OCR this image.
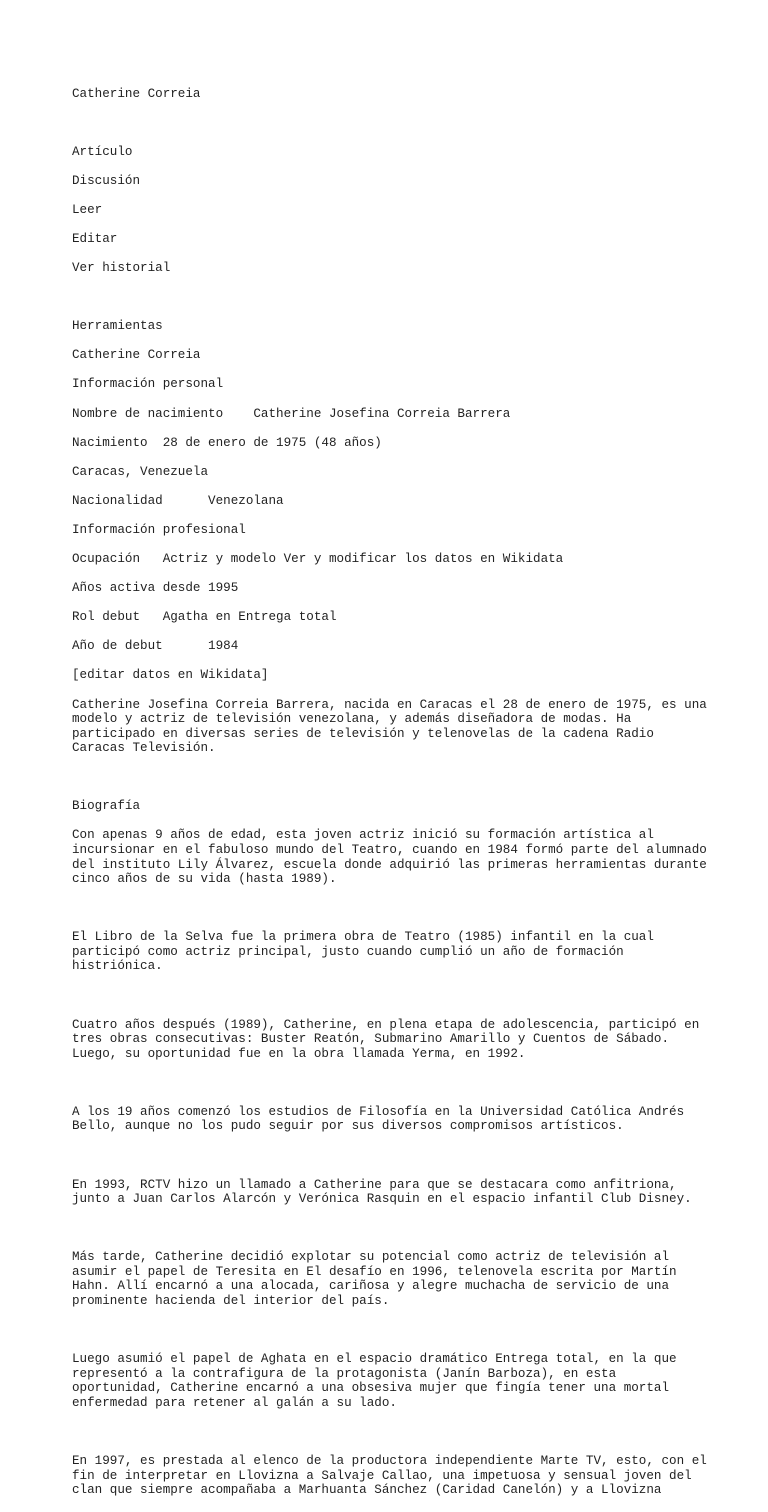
Catherine Correia

Artículo

Discusión

Leer

Editar

Ver historial

Herramientas

Catherine Correia

Información personal

Nombre de nacimiento    Catherine Josefina Correia Barrera

Nacimiento  28 de enero de 1975 (48 años)

Caracas, Venezuela

Nacionalidad      Venezolana

Información profesional

Ocupación   Actriz y modelo Ver y modificar los datos en Wikidata

Años activa desde 1995

Rol debut   Agatha en Entrega total

Año de debut      1984

[editar datos en Wikidata]

Catherine Josefina Correia Barrera, nacida en Caracas el 28 de enero de 1975, es una modelo y actriz de televisión venezolana, y además diseñadora de modas. Ha participado en diversas series de televisión y telenovelas de la cadena Radio Caracas Televisión.

Biografía

Con apenas 9 años de edad, esta joven actriz inició su formación artística al incursionar en el fabuloso mundo del Teatro, cuando en 1984 formó parte del alumnado del instituto Lily Álvarez, escuela donde adquirió las primeras herramientas durante cinco años de su vida (hasta 1989).

El Libro de la Selva fue la primera obra de Teatro (1985) infantil en la cual participó como actriz principal, justo cuando cumplió un año de formación histriónica.

Cuatro años después (1989), Catherine, en plena etapa de adolescencia, participó en tres obras consecutivas: Buster Reatón, Submarino Amarillo y Cuentos de Sábado. Luego, su oportunidad fue en la obra llamada Yerma, en 1992.

A los 19 años comenzó los estudios de Filosofía en la Universidad Católica Andrés Bello, aunque no los pudo seguir por sus diversos compromisos artísticos.

En 1993, RCTV hizo un llamado a Catherine para que se destacara como anfitriona, junto a Juan Carlos Alarcón y Verónica Rasquin en el espacio infantil Club Disney.

Más tarde, Catherine decidió explotar su potencial como actriz de televisión al asumir el papel de Teresita en El desafío en 1996, telenovela escrita por Martín Hahn. Allí encarnó a una alocada, cariñosa y alegre muchacha de servicio de una prominente hacienda del interior del país.

Luego asumió el papel de Aghata en el espacio dramático Entrega total, en la que representó a la contrafigura de la protagonista (Janín Barboza), en esta oportunidad, Catherine encarnó a una obsesiva mujer que fingía tener una mortal enfermedad para retener al galán a su lado.

En 1997, es prestada al elenco de la productora independiente Marte TV, esto, con el fin de interpretar en Llovizna a Salvaje Callao, una impetuosa y sensual joven del clan que siempre acompañaba a Marhuanta Sánchez (Caridad Canelón) y a Llovizna
